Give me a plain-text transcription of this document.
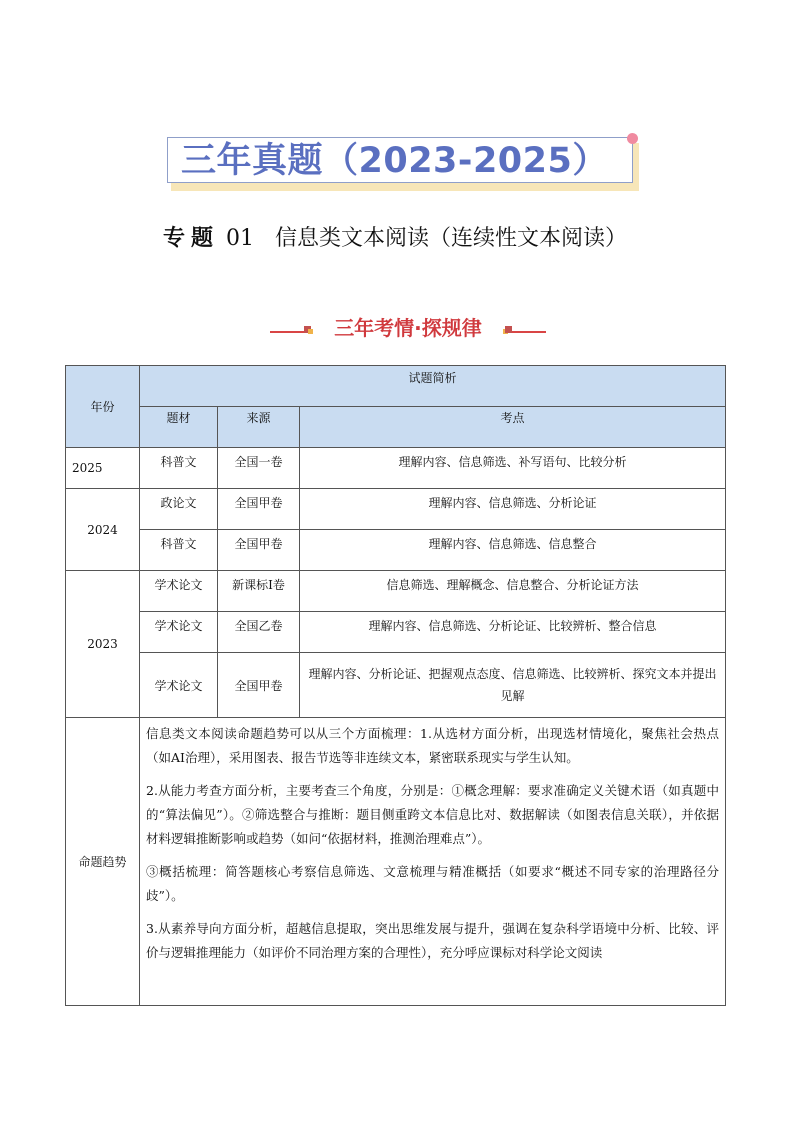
三年真题（2023-2025）
专题 01 信息类文本阅读（连续性文本阅读）
三年考情·探规律
年份	试题简析		
	题材	来源	考点
2025	科普文	全国一卷	理解内容、信息筛选、补写语句、比较分析
2024	政论文	全国甲卷	理解内容、信息筛选、分析论证
	科普文	全国甲卷	理解内容、信息筛选、信息整合
2023	学术论文	新课标Ⅰ卷	信息筛选、理解概念、信息整合、分析论证方法
	学术论文	全国乙卷	理解内容、信息筛选、分析论证、比较辨析、整合信息
	学术论文	全国甲卷	理解内容、分析论证、把握观点态度、信息筛选、比较辨析、探究文本并提出见解
命题趋势	信息类文本阅读命题趋势可以从三个方面梳理：1.从选材方面分析，出现选材情境化，聚焦社会热点（如AI治理），采用图表、报告节选等非连续文本，紧密联系现实与学生认知。

2.从能力考查方面分析，主要考查三个角度，分别是：①概念理解：要求准确定义关键术语（如真题中的“算法偏见”）。②筛选整合与推断：题目侧重跨文本信息比对、数据解读（如图表信息关联），并依据材料逻辑推断影响或趋势（如问“依据材料，推测治理难点”）。

③概括梳理：简答题核心考察信息筛选、文意梳理与精准概括（如要求“概述不同专家的治理路径分歧”）。

3.从素养导向方面分析，超越信息提取，突出思维发展与提升，强调在复杂科学语境中分析、比较、评价与逻辑推理能力（如评价不同治理方案的合理性），充分呼应课标对科学论文阅读		
